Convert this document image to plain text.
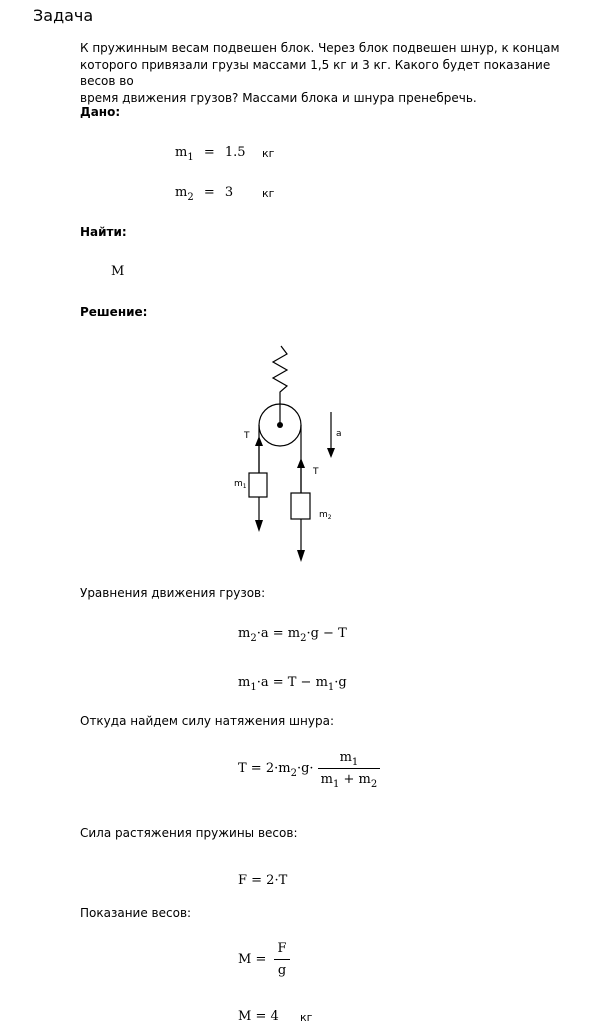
Задача
К пружинным весам подвешен блок. Через блок подвешен шнур, к концам
которого привязали грузы массами 1,5 кг и 3 кг. Какого будет показание весов во
время движения грузов? Массами блока и шнура пренебречь.
Дано:
$m_1 = 1.5$ кг
$m_2 = 3$	кг
Найти:
M
Решение:
T
T
a
$m_1$
$m_2$
Уравнения движения грузов:
$m_2\cdot a = m_2\cdot g - T$
$m_1\cdot a = T - m_1\cdot g$
Откуда найдем силу натяжения шнура:
$T = 2\cdot m_2\cdot g\cdot \frac{m_1}{m_1 + m_2}$
Сила растяжения пружины весов:
F = 2·T
Показание весов:
$M = \frac{F}{g}$
M = 4 кг
